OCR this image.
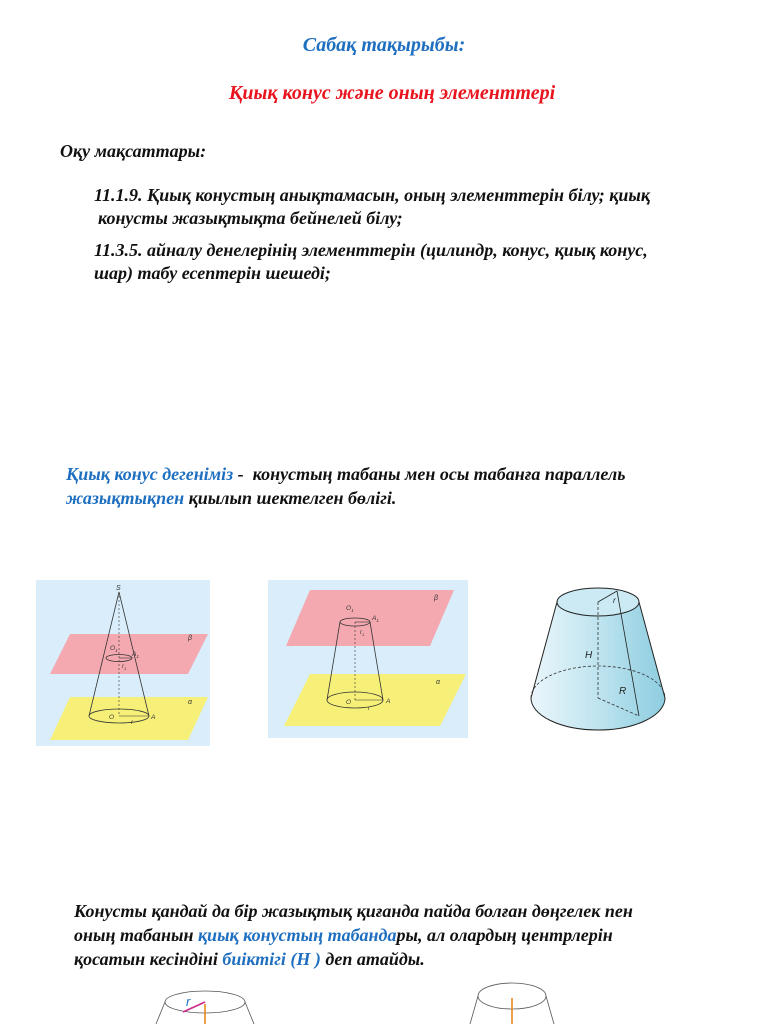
Сабақ тақырыбы:
Қиық конус және оның элементтері
Оқу мақсаттары:
11.1.9. Қиық конустың анықтамасын, оның элементтерін білу; қиық
конусты жазықтықта бейнелей білу;
11.3.5. айналу денелерінің элементтерін (цилиндр, конус, қиық конус,
шар) табу есептерін шешеді;
Қиық конус дегеніміз -  конустың табаны мен осы табанға параллель
жазықтықпен қиылып шектелген бөлігі.
S
β
α
$O_1$
$A_1$
$r_1$
O	A
r
β
α
$O_1$
$A_1$
$r_1$
O	A
r
r
H
R
Конусты қандай да бір жазықтық қиғанда пайда болған дөңгелек пен
оның табанын қиық конустың табандары, ал олардың центрлерін
қосатын кесіндіні биіктігі (Н ) деп атайды.
r
